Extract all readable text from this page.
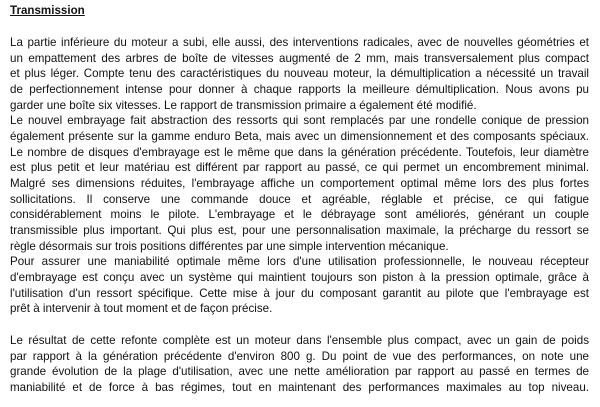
Transmission
La partie inférieure du moteur a subi, elle aussi, des interventions radicales, avec de nouvelles géométries et
un empattement des arbres de boîte de vitesses augmenté de 2 mm, mais transversalement plus compact
et plus léger. Compte tenu des caractéristiques du nouveau moteur, la démultiplication a nécessité un travail
de perfectionnement intense pour donner à chaque rapports la meilleure démultiplication. Nous avons pu
garder une boîte six vitesses. Le rapport de transmission primaire a également été modifié.
Le nouvel embrayage fait abstraction des ressorts qui sont remplacés par une rondelle conique de pression
également présente sur la gamme enduro Beta, mais avec un dimensionnement et des composants spéciaux.
Le nombre de disques d'embrayage est le même que dans la génération précédente. Toutefois, leur diamètre
est plus petit et leur matériau est différent par rapport au passé, ce qui permet un encombrement minimal.
Malgré ses dimensions réduites, l'embrayage affiche un comportement optimal même lors des plus fortes
sollicitations. Il conserve une commande douce et agréable, réglable et précise, ce qui fatigue
considérablement moins le pilote. L'embrayage et le débrayage sont améliorés, générant un couple
transmissible plus important. Qui plus est, pour une personnalisation maximale, la précharge du ressort se
règle désormais sur trois positions différentes par une simple intervention mécanique.
Pour assurer une maniabilité optimale même lors d'une utilisation professionnelle, le nouveau récepteur
d'embrayage est conçu avec un système qui maintient toujours son piston à la pression optimale, grâce à
l'utilisation d'un ressort spécifique. Cette mise à jour du composant garantit au pilote que l'embrayage est
prêt à intervenir à tout moment et de façon précise.
Le résultat de cette refonte complète est un moteur dans l'ensemble plus compact, avec un gain de poids
par rapport à la génération précédente d'environ 800 g. Du point de vue des performances, on note une
grande évolution de la plage d'utilisation, avec une nette amélioration par rapport au passé en termes de
maniabilité et de force à bas régimes, tout en maintenant des performances maximales au top niveau.
